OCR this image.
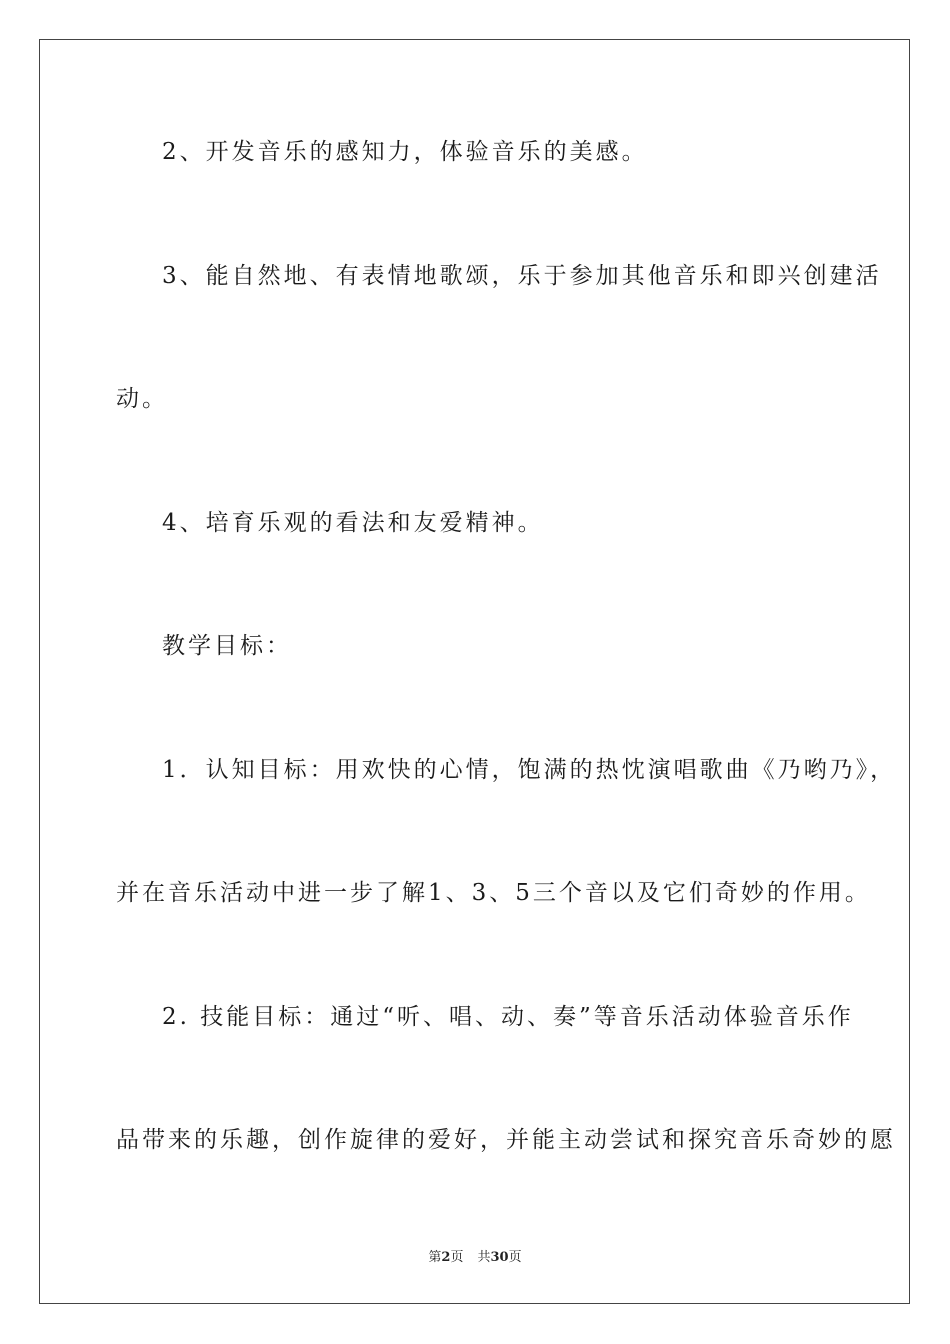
2、开发音乐的感知力，体验音乐的美感。
3、能自然地、有表情地歌颂，乐于参加其他音乐和即兴创建活
动。
4、培育乐观的看法和友爱精神。
教学目标：
1．认知目标：用欢快的心情，饱满的热忱演唱歌曲《乃哟乃》，
并在音乐活动中进一步了解1、3、5三个音以及它们奇妙的作用。
2. 技能目标：通过“听、唱、动、奏”等音乐活动体验音乐作
品带来的乐趣，创作旋律的爱好，并能主动尝试和探究音乐奇妙的愿
第2页 共30页
